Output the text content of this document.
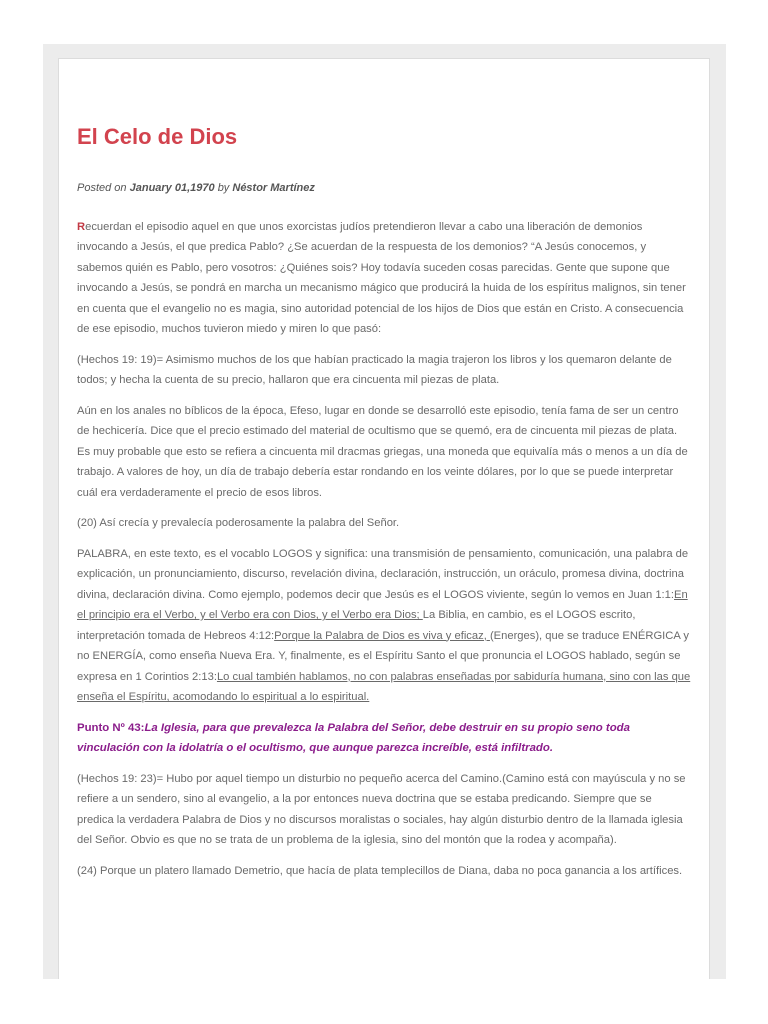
El Celo de Dios
Posted on January 01,1970 by Néstor Martínez

Recuerdan el episodio aquel en que unos exorcistas judíos pretendieron llevar a cabo una liberación de demonios invocando a Jesús, el que predica Pablo? ¿Se acuerdan de la respuesta de los demonios? “A Jesús conocemos, y sabemos quién es Pablo, pero vosotros: ¿Quiénes sois? Hoy todavía suceden cosas parecidas. Gente que supone que invocando a Jesús, se pondrá en marcha un mecanismo mágico que producirá la huida de los espíritus malignos, sin tener en cuenta que el evangelio no es magia, sino autoridad potencial de los hijos de Dios que están en Cristo. A consecuencia de ese episodio, muchos tuvieron miedo y miren lo que pasó:

(Hechos 19: 19)= Asimismo muchos de los que habían practicado la magia trajeron los libros y los quemaron delante de todos; y hecha la cuenta de su precio, hallaron que era cincuenta mil piezas de plata.

Aún en los anales no bíblicos de la época, Efeso, lugar en donde se desarrolló este episodio, tenía fama de ser un centro de hechicería. Dice que el precio estimado del material de ocultismo que se quemó, era de cincuenta mil piezas de plata. Es muy probable que esto se refiera a cincuenta mil dracmas griegas, una moneda que equivalía más o menos a un día de trabajo. A valores de hoy, un día de trabajo debería estar rondando en los veinte dólares, por lo que se puede interpretar cuál era verdaderamente el precio de esos libros.

(20) Así crecía y prevalecía poderosamente la palabra del Señor.

PALABRA, en este texto, es el vocablo LOGOS y significa: una transmisión de pensamiento, comunicación, una palabra de explicación, un pronunciamiento, discurso, revelación divina, declaración, instrucción, un oráculo, promesa divina, doctrina divina, declaración divina. Como ejemplo, podemos decir que Jesús es el LOGOS viviente, según lo vemos en Juan 1:1:En el principio era el Verbo, y el Verbo era con Dios, y el Verbo era Dios; La Biblia, en cambio, es el LOGOS escrito, interpretación tomada de Hebreos 4:12:Porque la Palabra de Dios es viva y eficaz, (Energes), que se traduce ENÉRGICA y no ENERGÍA, como enseña Nueva Era. Y, finalmente, es el Espíritu Santo el que pronuncia el LOGOS hablado, según se expresa en 1 Corintios 2:13:Lo cual también hablamos, no con palabras enseñadas por sabiduría humana, sino con las que enseña el Espíritu, acomodando lo espiritual a lo espiritual.

Punto Nº 43:La Iglesia, para que prevalezca la Palabra del Señor, debe destruir en su propio seno toda vinculación con la idolatría o el ocultismo, que aunque parezca increíble, está infiltrado.

(Hechos 19: 23)= Hubo por aquel tiempo un disturbio no pequeño acerca del Camino.(Camino está con mayúscula y no se refiere a un sendero, sino al evangelio, a la por entonces nueva doctrina que se estaba predicando. Siempre que se predica la verdadera Palabra de Dios y no discursos moralistas o sociales, hay algún disturbio dentro de la llamada iglesia del Señor. Obvio es que no se trata de un problema de la iglesia, sino del montón que la rodea y acompaña).

(24) Porque un platero llamado Demetrio, que hacía de plata templecillos de Diana, daba no poca ganancia a los artífices.
